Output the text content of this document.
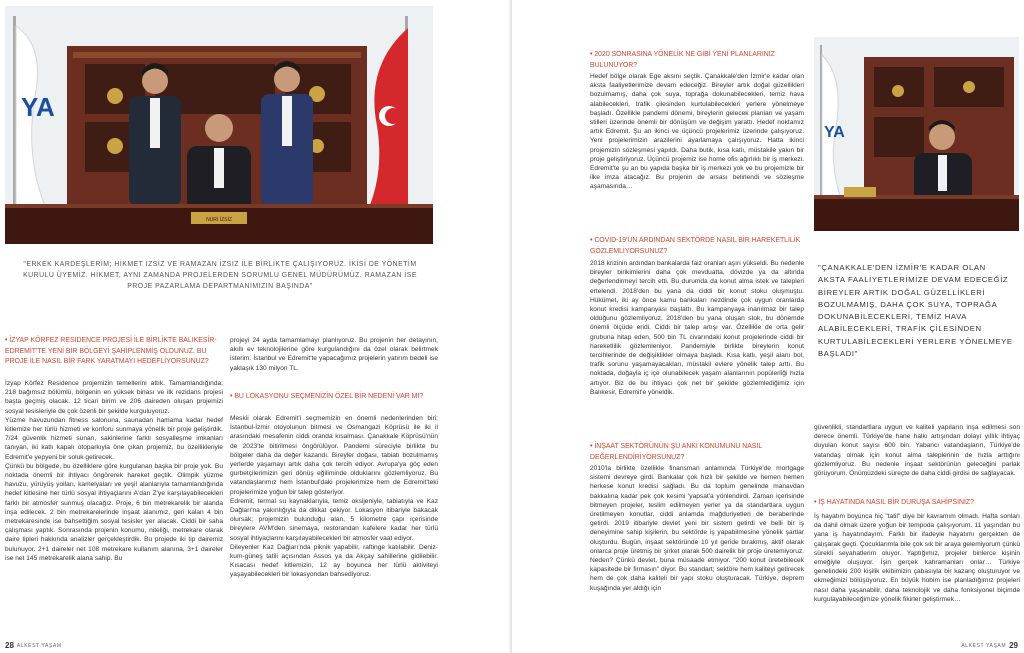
YA
NURİ İZSİZ
"ERKEK KARDEŞLERİM; HİKMET İZSİZ VE RAMAZAN İZSİZ İLE BİRLİKTE ÇALIŞIYORUZ. İKİSİ DE YÖNETİM KURULU ÜYEMİZ. HİKMET, AYNI ZAMANDA PROJELERDEN SORUMLU GENEL MÜDÜRÜMÜZ. RAMAZAN İSE PROJE PAZARLAMA DEPARTMANIMIZIN BAŞINDA"
• İZYAP KÖRFEZ RESIDENCE PROJESİ İLE BİRLİKTE BALIKESİR-EDREMİT'TE YENİ BİR BÖLGEYİ ŞAHİPLENMİŞ OLDUNUZ. BU PROJE İLE NASIL BİR FARK YARATMAYI HEDEFLİYORSUNUZ?
İzyap Körfez Residence projemizin temellerini attık. Tamamlandığında; 218 bağımsız bölümlü, bölgenin en yüksek binası ve ilk rezidans projesi başta geçmiş olacak. 12 ticari birim ve 206 daireden oluşan projemizi sosyal tesisleriyle de çok özenli bir şekilde kurguluyoruz.
Yüzme havuzundan fitness salonuna, saunadan hamama kadar hedef kitlemize her türlü hizmeti ve konforu sunmaya yönelik bir proje geliştirdik. 7/24 güvenlik hizmeti sunan, sakinlerine farklı sosyalleşme imkanları tanıyan, iki katlı kapalı otoparkıyla öne çıkan projemiz, bu özellikleriyle Edremit'e yepyeni bir soluk getirecek.
Çünkü bu bölgede, bu özelliklere göre kurgulanan başka bir proje yok. Bu noktada önemli bir ihtiyacı öngörerek hareket geçtik. Olimpik yüzme havuzu, yürüyüş yolları, kamelyaları ve yeşil alanlarıyla tamamlandığında hedef kitlesine her türlü sosyal ihtiyaçlarını A'dan Z'ye karşılayabilecekleri farklı bir atmosfer sunmuş olacağız. Proje, 6 bin metrekarelik bir alanda inşa edilecek. 2 bin metrekarelerinde inşaat alanımız, geri kalan 4 bin metrekaresinde ise bahsettiğim sosyal tesisler yer alacak. Ciddi bir saha çalışması yaptık. Sonrasında projenin konumu, niteliği, metrekare olarak daire tipleri hakkında analizler gerçekleştirdik. Bu projede iki tip dairemiz bulunuyor. 2+1 daireler net 108 metrekare kullanım alanına, 3+1 daireler ise net 145 metrekarelik alana sahip. Bu
projeyi 24 ayda tamamlamayı planlıyoruz. Bu projenin her detayının, akıllı ev teknolojilerine göre kurgulandığını da özel olarak belirtmek isterim. İstanbul ve Edremit'te yapacağımız projelerin yatırım bedeli ise yaklaşık 130 milyon TL.
• BU LOKASYONU SEÇMENİZİN ÖZEL BİR NEDENİ VAR MI?
Meskii olarak Edremit'i seçmemizin en önemli nedenlerinden biri; İstanbul-İzmir otoyolunun bitmesi ve Osmangazi Köprüsü ile iki il arasındaki mesafenin ciddi oranda kısalması. Çanakkale Köprüsü'nün de 2023'te bitirilmesi öngörülüyor. Pandemi süreciyle birlikte bu bölgeler daha da değer kazandı. Bireyler doğası, tabiatı bozulmamış yerlerde yaşamayı artık daha çok tercih ediyor. Avrupa'ya göç eden gurbetçilerimizin geri dönüş eğiliminde olduklarını gözlemliyoruz. Bu vatandaşlarımız hem İstanbul'daki projelerimize hem de Edremit'teki projelerimize yoğun bir talep gösteriyor.
Edremit, termal su kaynaklarıyla, temiz oksijeniyle, tabiatıyla ve Kaz Dağları'na yakınlığıyla da dikkat çekiyor. Lokasyon itibariyle bakacak olursak; projemizin bulunduğu alan, 5 kilometre çapı içerisinde bireylere AVM'den sinemaya, restorandan kafelere kadar her türlü sosyal ihtiyaçlarını karşılayabilecekleri bir atmosfer vaat ediyor.
Dileyenler Kaz Dağları'nda piknik yapabilir, raftinge katılabilir. Deniz-kum-güneş tatili açısından Assos ya da Akçay sahillerine gidilebilir. Kısacası hedef kitlemizin, 12 ay boyunca her türlü aktiviteyi yaşayabilecekleri bir lokasyondan bahsediyoruz.
28 ALKEST YAŞAM
• 2020 SONRASINA YÖNELİK NE GİBİ YENİ PLANLARINIZ BULUNUYOR?
Hedef bölge olarak Ege aksını seçtik. Çanakkale'den İzmir'e kadar olan aksta faaliyetlerimize devam edeceğiz. Bireyler artık doğal güzellikleri bozulmamış, daha çok suya, toprağa dokunabilecekleri, temiz hava alabilecekleri, trafik çilesinden kurtulabilecekleri yerlere yönelmeye başladı. Özellikle pandemi dönemi, bireylerin gelecek planları ve yaşam stilleri üzerinde önemli bir dönüşüm ve değişim yarattı. Hedef noktamız artık Edremit. Şu an ikinci ve üçüncü projelerimiz üzerinde çalışıyoruz. Yeni projelerimizin arazilerini ayarlamaya çalışıyoruz. Hatta ikinci projemizin sözleşmesi yapıldı. Daha butik, kısa katlı, müstakile yakın bir proje geliştiriyoruz. Üçüncü projemiz ise home ofis ağırlıklı bir iş merkezi. Edremit'te şu an bu yapıda başka bir iş merkezi yok ve bu projemizle bir ilke imza atacağız. Bu projenin de arsası belirlendi ve sözleşme aşamasında…
• COVID-19'UN ARDINDAN SEKTÖRDE NASIL BİR HAREKETLİLİK GÖZLEMLİYORSUNUZ?
2018 krizinin ardından bankalarda faiz oranları aşırı yükseldi. Bu nedenle bireyler birikimlerini daha çok mevduatta, dövizde ya da altında değerlendirmeyi tercih etti. Bu durumda da konut alma istek ve talepleri ertelendi. 2018'den bu yana da ciddi bir konut stoku oluşmuştu. Hükümet, iki ay önce kamu bankaları nezdinde çok uygun oranlarda konut kredisi kampanyası başlattı. Bu kampanyaya inanılmaz bir talep olduğunu gözlemliyoruz. 2018'den bu yana oluşan stok, bu dönemde önemli ölçüde eridi. Ciddi bir talep artışı var. Özellikle de orta gelir grubuna hitap eden, 500 bin TL civarındaki konut projelerinde ciddi bir hareketlilik gözlemleniyor. Pandemiyle birlikte bireylerin konut tercihlerinde de değişiklikler olmaya başladı. Kısa katlı, yeşil alanı bol, trafik sorunu yaşamayacakları, müstakil evlere yönelik talep arttı. Bu noktada, doğayla iç içe olunabilecek yaşam alanlarının popülerliği hızla artıyor. Biz de bu ihtiyacı çok net bir şekilde gözlemlediğimiz için Balıkesir, Edremit'e yöneldik.
• İNŞAAT SEKTÖRÜNÜN ŞU ANKİ KONUMUNU NASIL DEĞERLENDİRİYORSUNUZ?
2010'la birlikte özellikle finansman anlamında Türkiye'de mortgage sistemi devreye girdi. Bankalar çok hızlı bir şekilde ve hemen hemen herkese konut kredisi sağladı. Bu da toplum genelinde manavdan bakkalına kadar pek çok kesimi 'yapsat'a yönlendirdi. Zaman içerisinde bitmeyen projeler, teslim edilmeyen yerler ya da standartlara uygun üretilmeyen konutlar, ciddi anlamda mağduriyetleri de beraberinde getirdi. 2019 itibariyle devlet yeni bir sistem getirdi ve belli bir iş deneyimine sahip kişilerin, bu sektörde iş yapabilmesine yönelik şartlar oluşturdu. Bugün, inşaat sektöründe 10 yıl geride bırakmış, aktif olarak onlarca proje üretmiş bir şirket olarak 500 dairelik bir proje üretemiyoruz. Neden? Çünkü devlet, buna müsaade etmiyor. "200 konut üretebilecek kapasitede bir firmasın" diyor. Bu standart; sektöre hem kaliteyi getirecek hem de çok daha kaliteli bir yapı stoku oluşturacak. Türkiye, deprem kuşağında yer aldığı için
YA
"ÇANAKKALE'DEN İZMİR'E KADAR OLAN AKSTA FAALİYETLERİMİZE DEVAM EDECEĞİZ BİREYLER ARTIK DOĞAL GÜZELLİKLERİ BOZULMAMIŞ, DAHA ÇOK SUYA, TOPRAĞA DOKUNABİLECEKLERİ, TEMİZ HAVA ALABİLECEKLERİ, TRAFİK ÇİLESİNDEN KURTULABİLECEKLERİ YERLERE YÖNELMEYE BAŞLADI"
güvenlikli, standartlara uygun ve kaliteli yapıların inşa edilmesi son derece önemli. Türkiye'de hane halkı artışından dolayı yıllık ihtiyaç duyulan konut sayısı 600 bin. Yabancı vatandaşların, Türkiye'de vatandaş olmak için konut alma taleplerinin de hızla arttığını gözlemliyoruz. Bu nedenle inşaat sektörünün geleceğini parlak görüyorum. Önümüzdeki süreçte de daha ciddi girdisi de sağlayacak.
• İŞ HAYATINDA NASIL BİR DURUŞA SAHİPSİNİZ?
İş hayatım boyunca hiç "tatil" diye bir kavramım olmadı. Hafta sonları da dahil olmak üzere yoğun bir tempoda çalışıyorum. 11 yaşından bu yana iş hayatındayım. Farklı bir ifadeyle hayatımı gerçekten de çalışarak geçti. Çocuklarımla bile çok sık bir araya gelemiyorum çünkü sürekli seyahatlerim oluyor. Yaptığımız, projeler binlerce kişinin emeğiyle oluşuyor. İşin gerçek kahramanları onlar… Türkiye genelindeki 200 kişilik ekibimizin çabasıyla bir kazanç oluşturuyor ve ekmeğimizi bölüşüyoruz. En büyük hobim ise planladığımız projeleri nasıl daha yaşanabilir, daha teknolojik ve daha fonksiyonel biçimde kurgulayabileceğimize yönelik fikirler geliştirmek…
ALKEST YAŞAM 29
